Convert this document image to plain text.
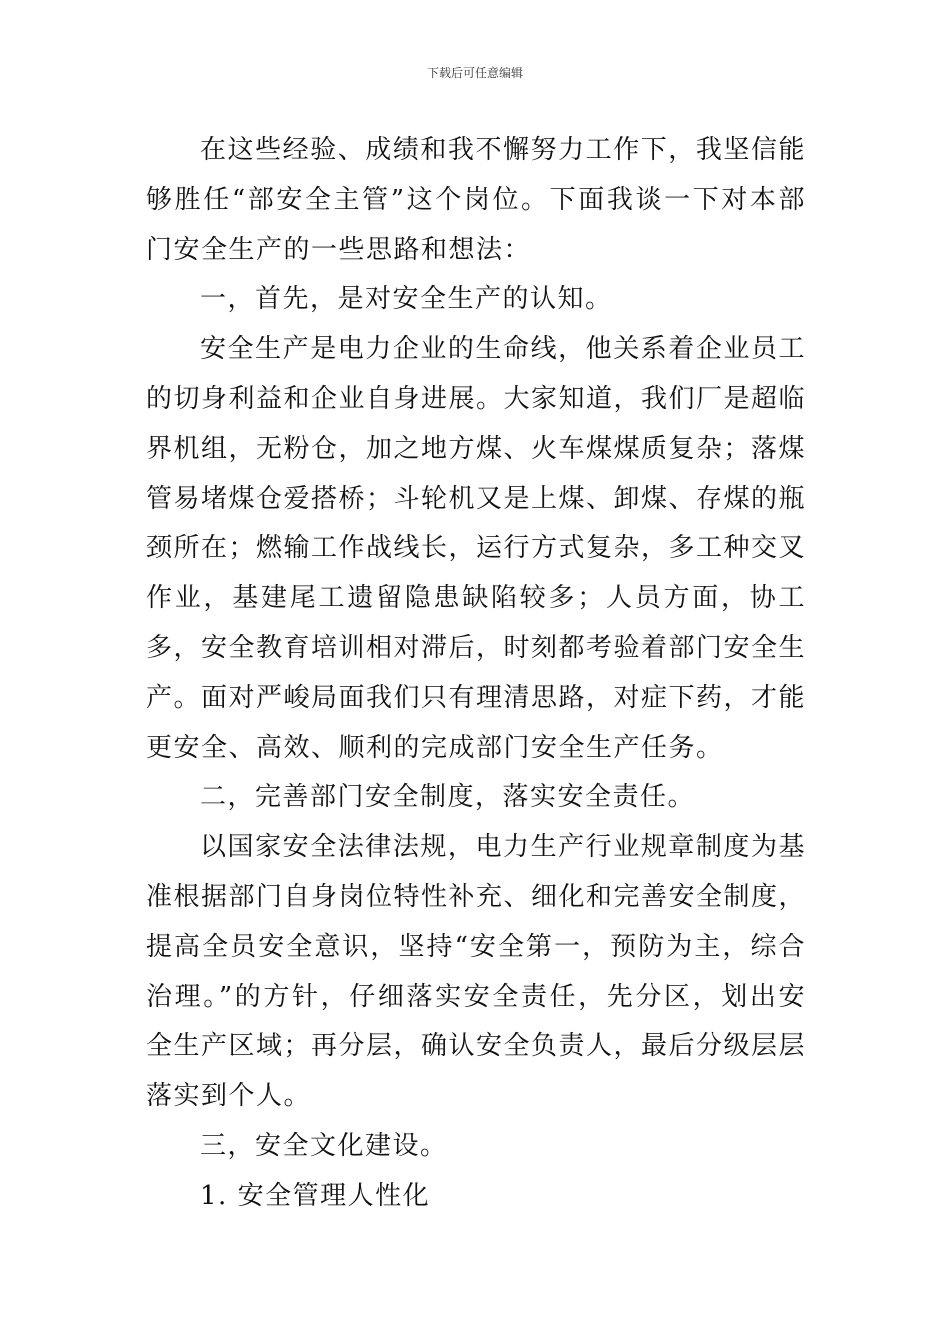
下载后可任意编辑

在这些经验、成绩和我不懈努力工作下，我坚信能够胜任“部安全主管”这个岗位。下面我谈一下对本部门安全生产的一些思路和想法：

一，首先，是对安全生产的认知。

安全生产是电力企业的生命线，他关系着企业员工的切身利益和企业自身进展。大家知道，我们厂是超临界机组，无粉仓，加之地方煤、火车煤煤质复杂；落煤管易堵煤仓爱搭桥；斗轮机又是上煤、卸煤、存煤的瓶颈所在；燃输工作战线长，运行方式复杂，多工种交叉作业，基建尾工遗留隐患缺陷较多；人员方面，协工多，安全教育培训相对滞后，时刻都考验着部门安全生产。面对严峻局面我们只有理清思路，对症下药，才能更安全、高效、顺利的完成部门安全生产任务。

二，完善部门安全制度，落实安全责任。

以国家安全法律法规，电力生产行业规章制度为基准根据部门自身岗位特性补充、细化和完善安全制度，提高全员安全意识，坚持“安全第一，预防为主，综合治理。”的方针，仔细落实安全责任，先分区，划出安全生产区域；再分层，确认安全负责人，最后分级层层落实到个人。

三，安全文化建设。

1. 安全管理人性化
